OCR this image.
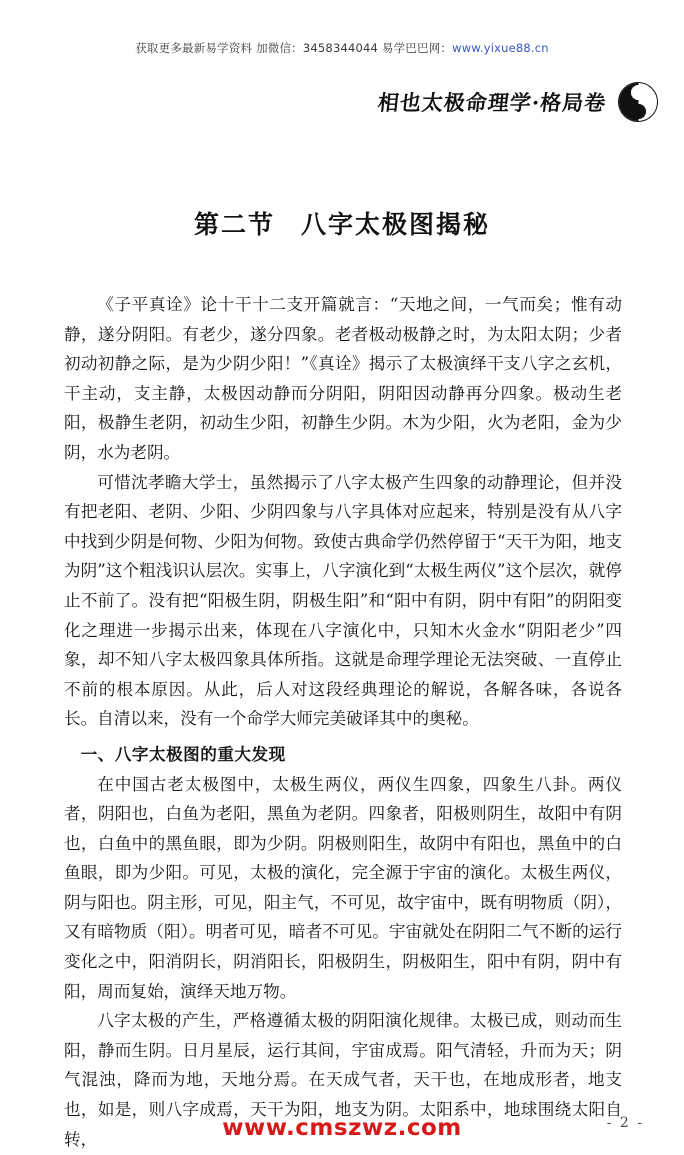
获取更多最新易学资料 加微信：3458344044 易学巴巴网：www.yixue88.cn
相也太极命理学·格局卷
第二节 八字太极图揭秘

《子平真诠》论十干十二支开篇就言：“天地之间，一气而矣；惟有动静，遂分阴阳。有老少，遂分四象。老者极动极静之时，为太阳太阴；少者初动初静之际，是为少阴少阳！”《真诠》揭示了太极演绎干支八字之玄机，干主动，支主静，太极因动静而分阴阳，阴阳因动静再分四象。极动生老阳，极静生老阴，初动生少阳，初静生少阴。木为少阳，火为老阳，金为少阴，水为老阴。

可惜沈孝瞻大学士，虽然揭示了八字太极产生四象的动静理论，但并没有把老阳、老阴、少阳、少阴四象与八字具体对应起来，特别是没有从八字中找到少阴是何物、少阳为何物。致使古典命学仍然停留于“天干为阳，地支为阴”这个粗浅识认层次。实事上，八字演化到“太极生两仪”这个层次，就停止不前了。没有把“阳极生阴，阴极生阳”和“阳中有阴，阴中有阳”的阴阳变化之理进一步揭示出来，体现在八字演化中，只知木火金水“阴阳老少”四象，却不知八字太极四象具体所指。这就是命理学理论无法突破、一直停止不前的根本原因。从此，后人对这段经典理论的解说，各解各味，各说各长。自清以来，没有一个命学大师完美破译其中的奥秘。

一、八字太极图的重大发现

在中国古老太极图中，太极生两仪，两仪生四象，四象生八卦。两仪者，阴阳也，白鱼为老阳，黑鱼为老阴。四象者，阳极则阴生，故阳中有阴也，白鱼中的黑鱼眼，即为少阴。阴极则阳生，故阴中有阳也，黑鱼中的白鱼眼，即为少阳。可见，太极的演化，完全源于宇宙的演化。太极生两仪，阴与阳也。阴主形，可见，阳主气，不可见，故宇宙中，既有明物质（阴），又有暗物质（阳）。明者可见，暗者不可见。宇宙就处在阴阳二气不断的运行变化之中，阳消阴长，阴消阳长，阳极阴生，阴极阳生，阳中有阴，阴中有阳，周而复始，演绎天地万物。

八字太极的产生，严格遵循太极的阴阳演化规律。太极已成，则动而生阳，静而生阴。日月星辰，运行其间，宇宙成焉。阳气清轻，升而为天；阴气混浊，降而为地，天地分焉。在天成气者，天干也，在地成形者，地支也，如是，则八字成焉，天干为阳，地支为阴。太阳系中，地球围绕太阳自转，

- 2 -
www.cmszwz.com
